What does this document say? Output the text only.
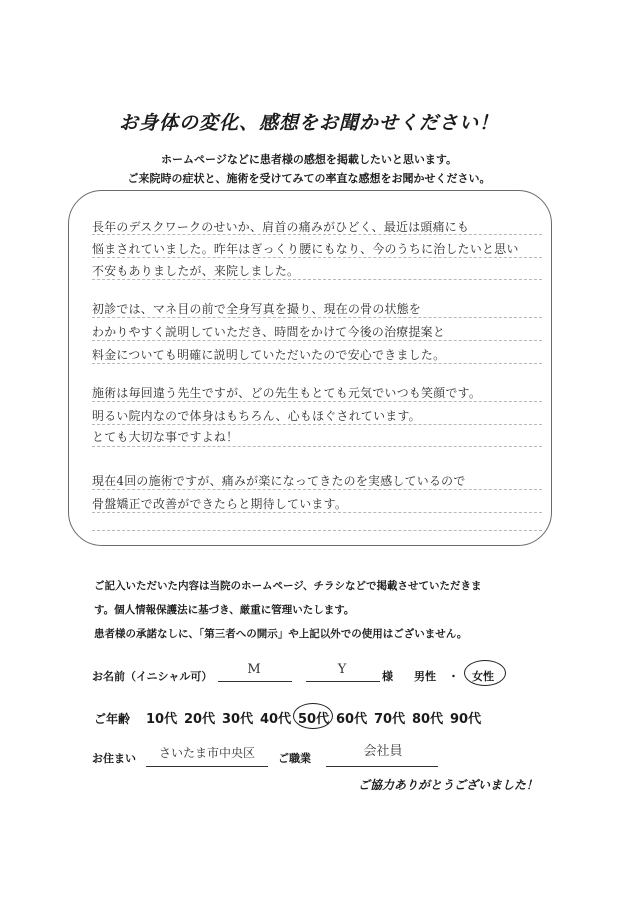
お身体の変化、感想をお聞かせください！
ホームページなどに患者様の感想を掲載したいと思います。
ご来院時の症状と、施術を受けてみての率直な感想をお聞かせください。
長年のデスクワークのせいか、肩首の痛みがひどく、最近は頭痛にも
悩まされていました。昨年はぎっくり腰にもなり、今のうちに治したいと思い
不安もありましたが、来院しました。
初診では、マネ目の前で全身写真を撮り、現在の骨の状態を
わかりやすく説明していただき、時間をかけて今後の治療提案と
料金についても明確に説明していただいたので安心できました。
施術は毎回違う先生ですが、どの先生もとても元気でいつも笑顔です。
明るい院内なので体身はもちろん、心もほぐされています。
とても大切な事ですよね！
現在4回の施術ですが、痛みが楽になってきたのを実感しているので
骨盤矯正で改善ができたらと期待しています。
ご記入いただいた内容は当院のホームページ、チラシなどで掲載させていただきま
す。個人情報保護法に基づき、厳重に管理いたします。
患者様の承諾なしに、「第三者への開示」や上記以外での使用はございません。
お名前（イニシャル可）	M	Y	様 男性 ・ 女性
ご年齢 10代 20代 30代 40代 50代 60代 70代 80代 90代
お住まい	さいたま市中央区	ご職業	会社員
ご協力ありがとうございました！
